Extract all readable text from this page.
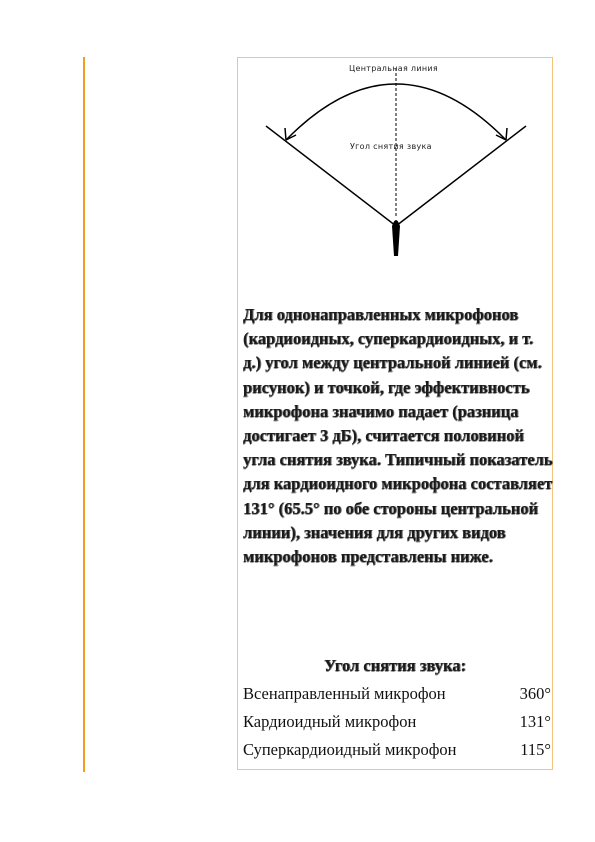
Центральная линия
Угол снятия звука

Для однонаправленных микрофонов (кардиоидных, суперкардиоидных, и т. д.) угол между центральной линией (см. рисунок) и точкой, где эффективность микрофона значимо падает (разница достигает 3 дБ), считается половиной угла снятия звука. Типичный показатель для кардиоидного микрофона составляет 131° (65.5° по обе стороны центральной линии), значения для других видов микрофонов представлены ниже.

Угол снятия звука:
Всенаправленный микрофон	360°
Кардиоидный микрофон	131°
Суперкардиоидный микрофон	115°
